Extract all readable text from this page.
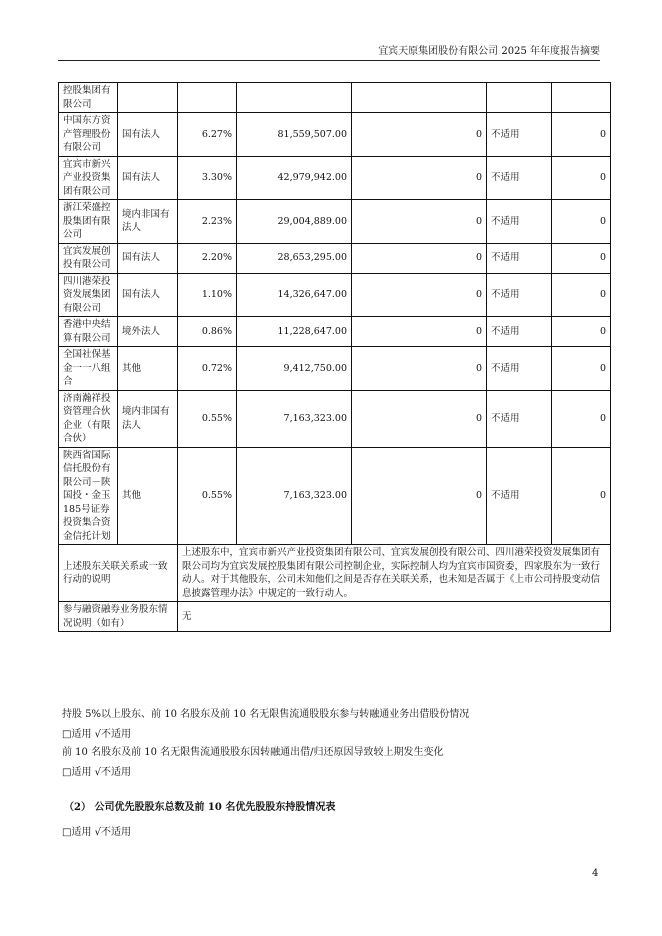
宜宾天原集团股份有限公司 2025 年年度报告摘要
控股集团有限公司						
中国东方资产管理股份有限公司	国有法人	6.27%	81,559,507.00	0	不适用	0
宜宾市新兴产业投资集团有限公司	国有法人	3.30%	42,979,942.00	0	不适用	0
浙江荣盛控股集团有限公司	境内非国有法人	2.23%	29,004,889.00	0	不适用	0
宜宾发展创投有限公司	国有法人	2.20%	28,653,295.00	0	不适用	0
四川港荣投资发展集团有限公司	国有法人	1.10%	14,326,647.00	0	不适用	0
香港中央结算有限公司	境外法人	0.86%	11,228,647.00	0	不适用	0
全国社保基金一一八组合	其他	0.72%	9,412,750.00	0	不适用	0
济南瀚祥投资管理合伙企业（有限合伙）	境内非国有法人	0.55%	7,163,323.00	0	不适用	0
陕西省国际信托股份有限公司－陕国投・金玉185号证券投资集合资金信托计划	其他	0.55%	7,163,323.00	0	不适用	0
上述股东关联关系或一致行动的说明		上述股东中，宜宾市新兴产业投资集团有限公司、宜宾发展创投有限公司、四川港荣投资发展集团有限公司均为宜宾发展控股集团有限公司控制企业，实际控制人均为宜宾市国资委，四家股东为一致行动人。对于其他股东，公司未知他们之间是否存在关联关系，也未知是否属于《上市公司持股变动信息披露管理办法》中规定的一致行动人。				
参与融资融券业务股东情况说明（如有）		无				
持股 5%以上股东、前 10 名股东及前 10 名无限售流通股股东参与转融通业务出借股份情况
□适用 √不适用
前 10 名股东及前 10 名无限售流通股股东因转融通出借/归还原因导致较上期发生变化
□适用 √不适用
（2） 公司优先股股东总数及前 10 名优先股股东持股情况表
□适用 √不适用
4
